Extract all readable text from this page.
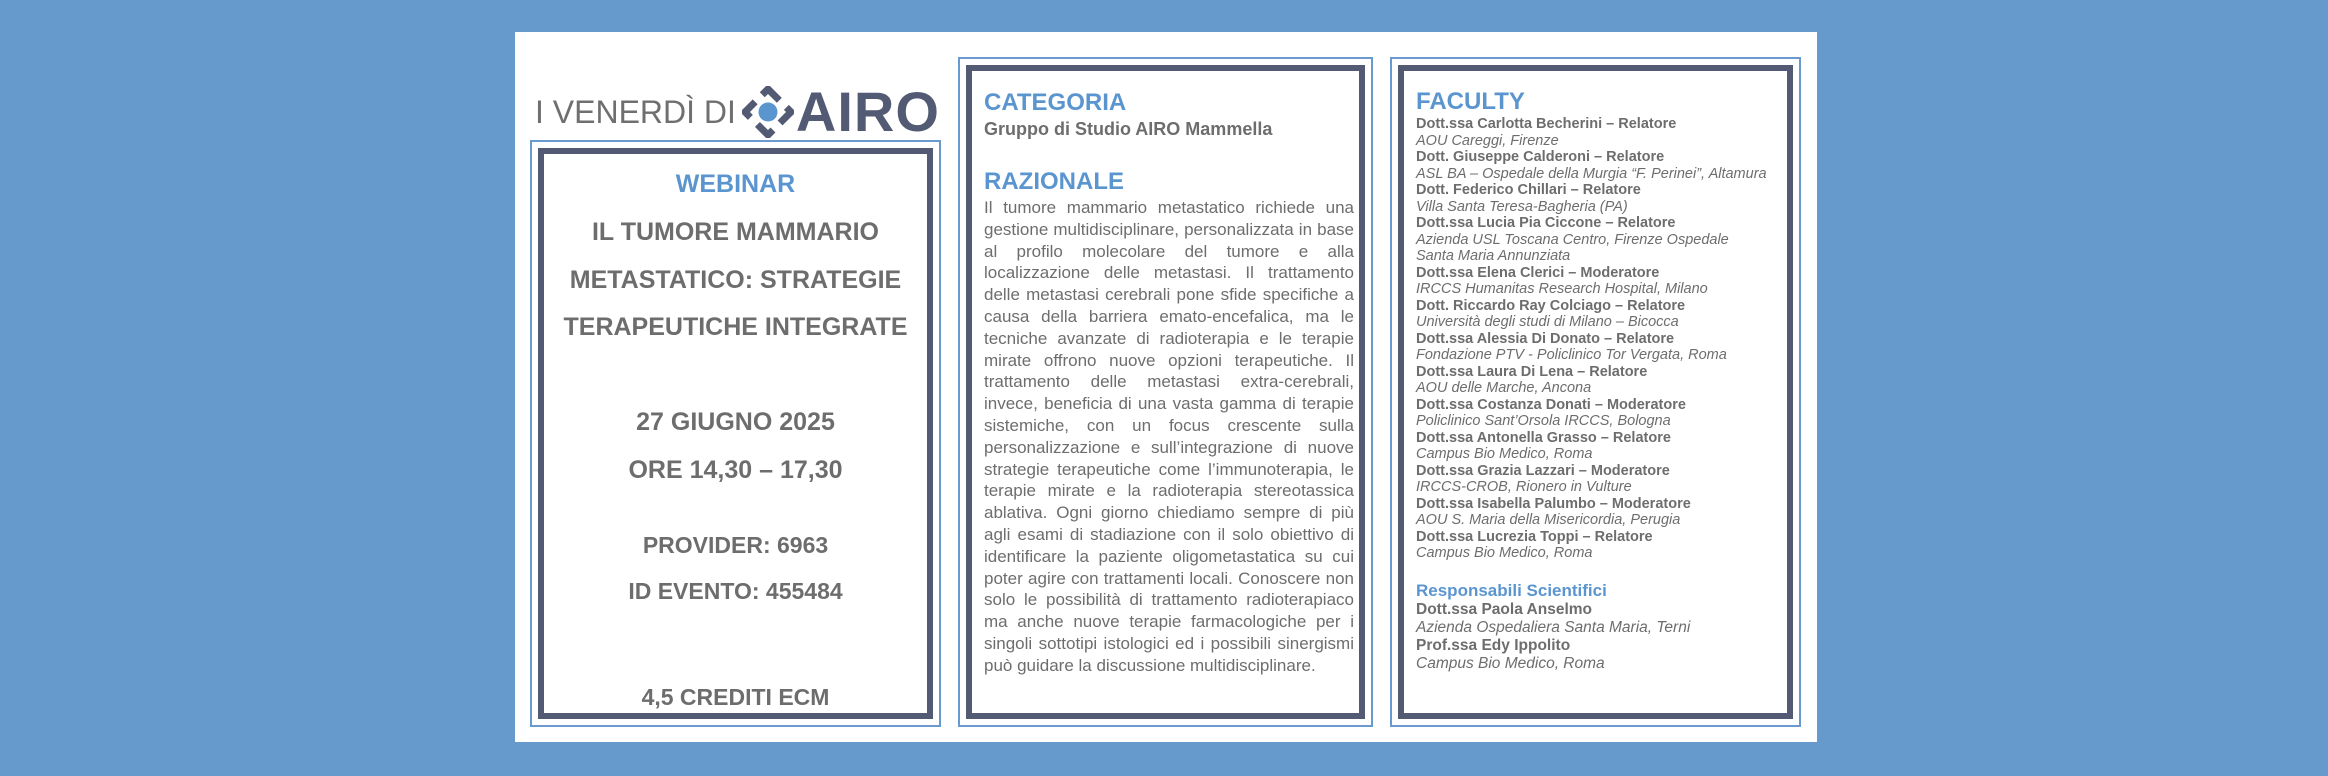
I VENERDÌ DI AIRO
WEBINAR
IL TUMORE MAMMARIO
METASTATICO: STRATEGIE
TERAPEUTICHE INTEGRATE
27 GIUGNO 2025
ORE 14,30 – 17,30
PROVIDER: 6963
ID EVENTO: 455484
4,5 CREDITI ECM
CATEGORIA
Gruppo di Studio AIRO Mammella
RAZIONALE
Il tumore mammario metastatico richiede una gestione multidisciplinare, personalizzata in base al profilo molecolare del tumore e alla localizzazione delle metastasi. Il trattamento delle metastasi cerebrali pone sfide specifiche a causa della barriera emato-encefalica, ma le tecniche avanzate di radioterapia e le terapie mirate offrono nuove opzioni terapeutiche. Il trattamento delle metastasi extra-cerebrali, invece, beneficia di una vasta gamma di terapie sistemiche, con un focus crescente sulla personalizzazione e sull’integrazione di nuove strategie terapeutiche come l’immunoterapia, le terapie mirate e la radioterapia stereotassica ablativa. Ogni giorno chiediamo sempre di più agli esami di stadiazione con il solo obiettivo di identificare la paziente oligometastatica su cui poter agire con trattamenti locali. Conoscere non solo le possibilità di trattamento radioterapiaco ma anche nuove terapie farmacologiche per i singoli sottotipi istologici ed i possibili sinergismi può guidare la discussione multidisciplinare.
FACULTY
Dott.ssa Carlotta Becherini – Relatore
AOU Careggi, Firenze
Dott. Giuseppe Calderoni – Relatore
ASL BA – Ospedale della Murgia “F. Perinei”, Altamura
Dott. Federico Chillari – Relatore
Villa Santa Teresa-Bagheria (PA)
Dott.ssa Lucia Pia Ciccone – Relatore
Azienda USL Toscana Centro, Firenze Ospedale
Santa Maria Annunziata
Dott.ssa Elena Clerici – Moderatore
IRCCS Humanitas Research Hospital, Milano
Dott. Riccardo Ray Colciago – Relatore
Università degli studi di Milano – Bicocca
Dott.ssa Alessia Di Donato – Relatore
Fondazione PTV - Policlinico Tor Vergata, Roma
Dott.ssa Laura Di Lena – Relatore
AOU delle Marche, Ancona
Dott.ssa Costanza Donati – Moderatore
Policlinico Sant’Orsola IRCCS, Bologna
Dott.ssa Antonella Grasso – Relatore
Campus Bio Medico, Roma
Dott.ssa Grazia Lazzari – Moderatore
IRCCS-CROB, Rionero in Vulture
Dott.ssa Isabella Palumbo – Moderatore
AOU S. Maria della Misericordia, Perugia
Dott.ssa Lucrezia Toppi – Relatore
Campus Bio Medico, Roma
Responsabili Scientifici
Dott.ssa Paola Anselmo
Azienda Ospedaliera Santa Maria, Terni
Prof.ssa Edy Ippolito
Campus Bio Medico, Roma
